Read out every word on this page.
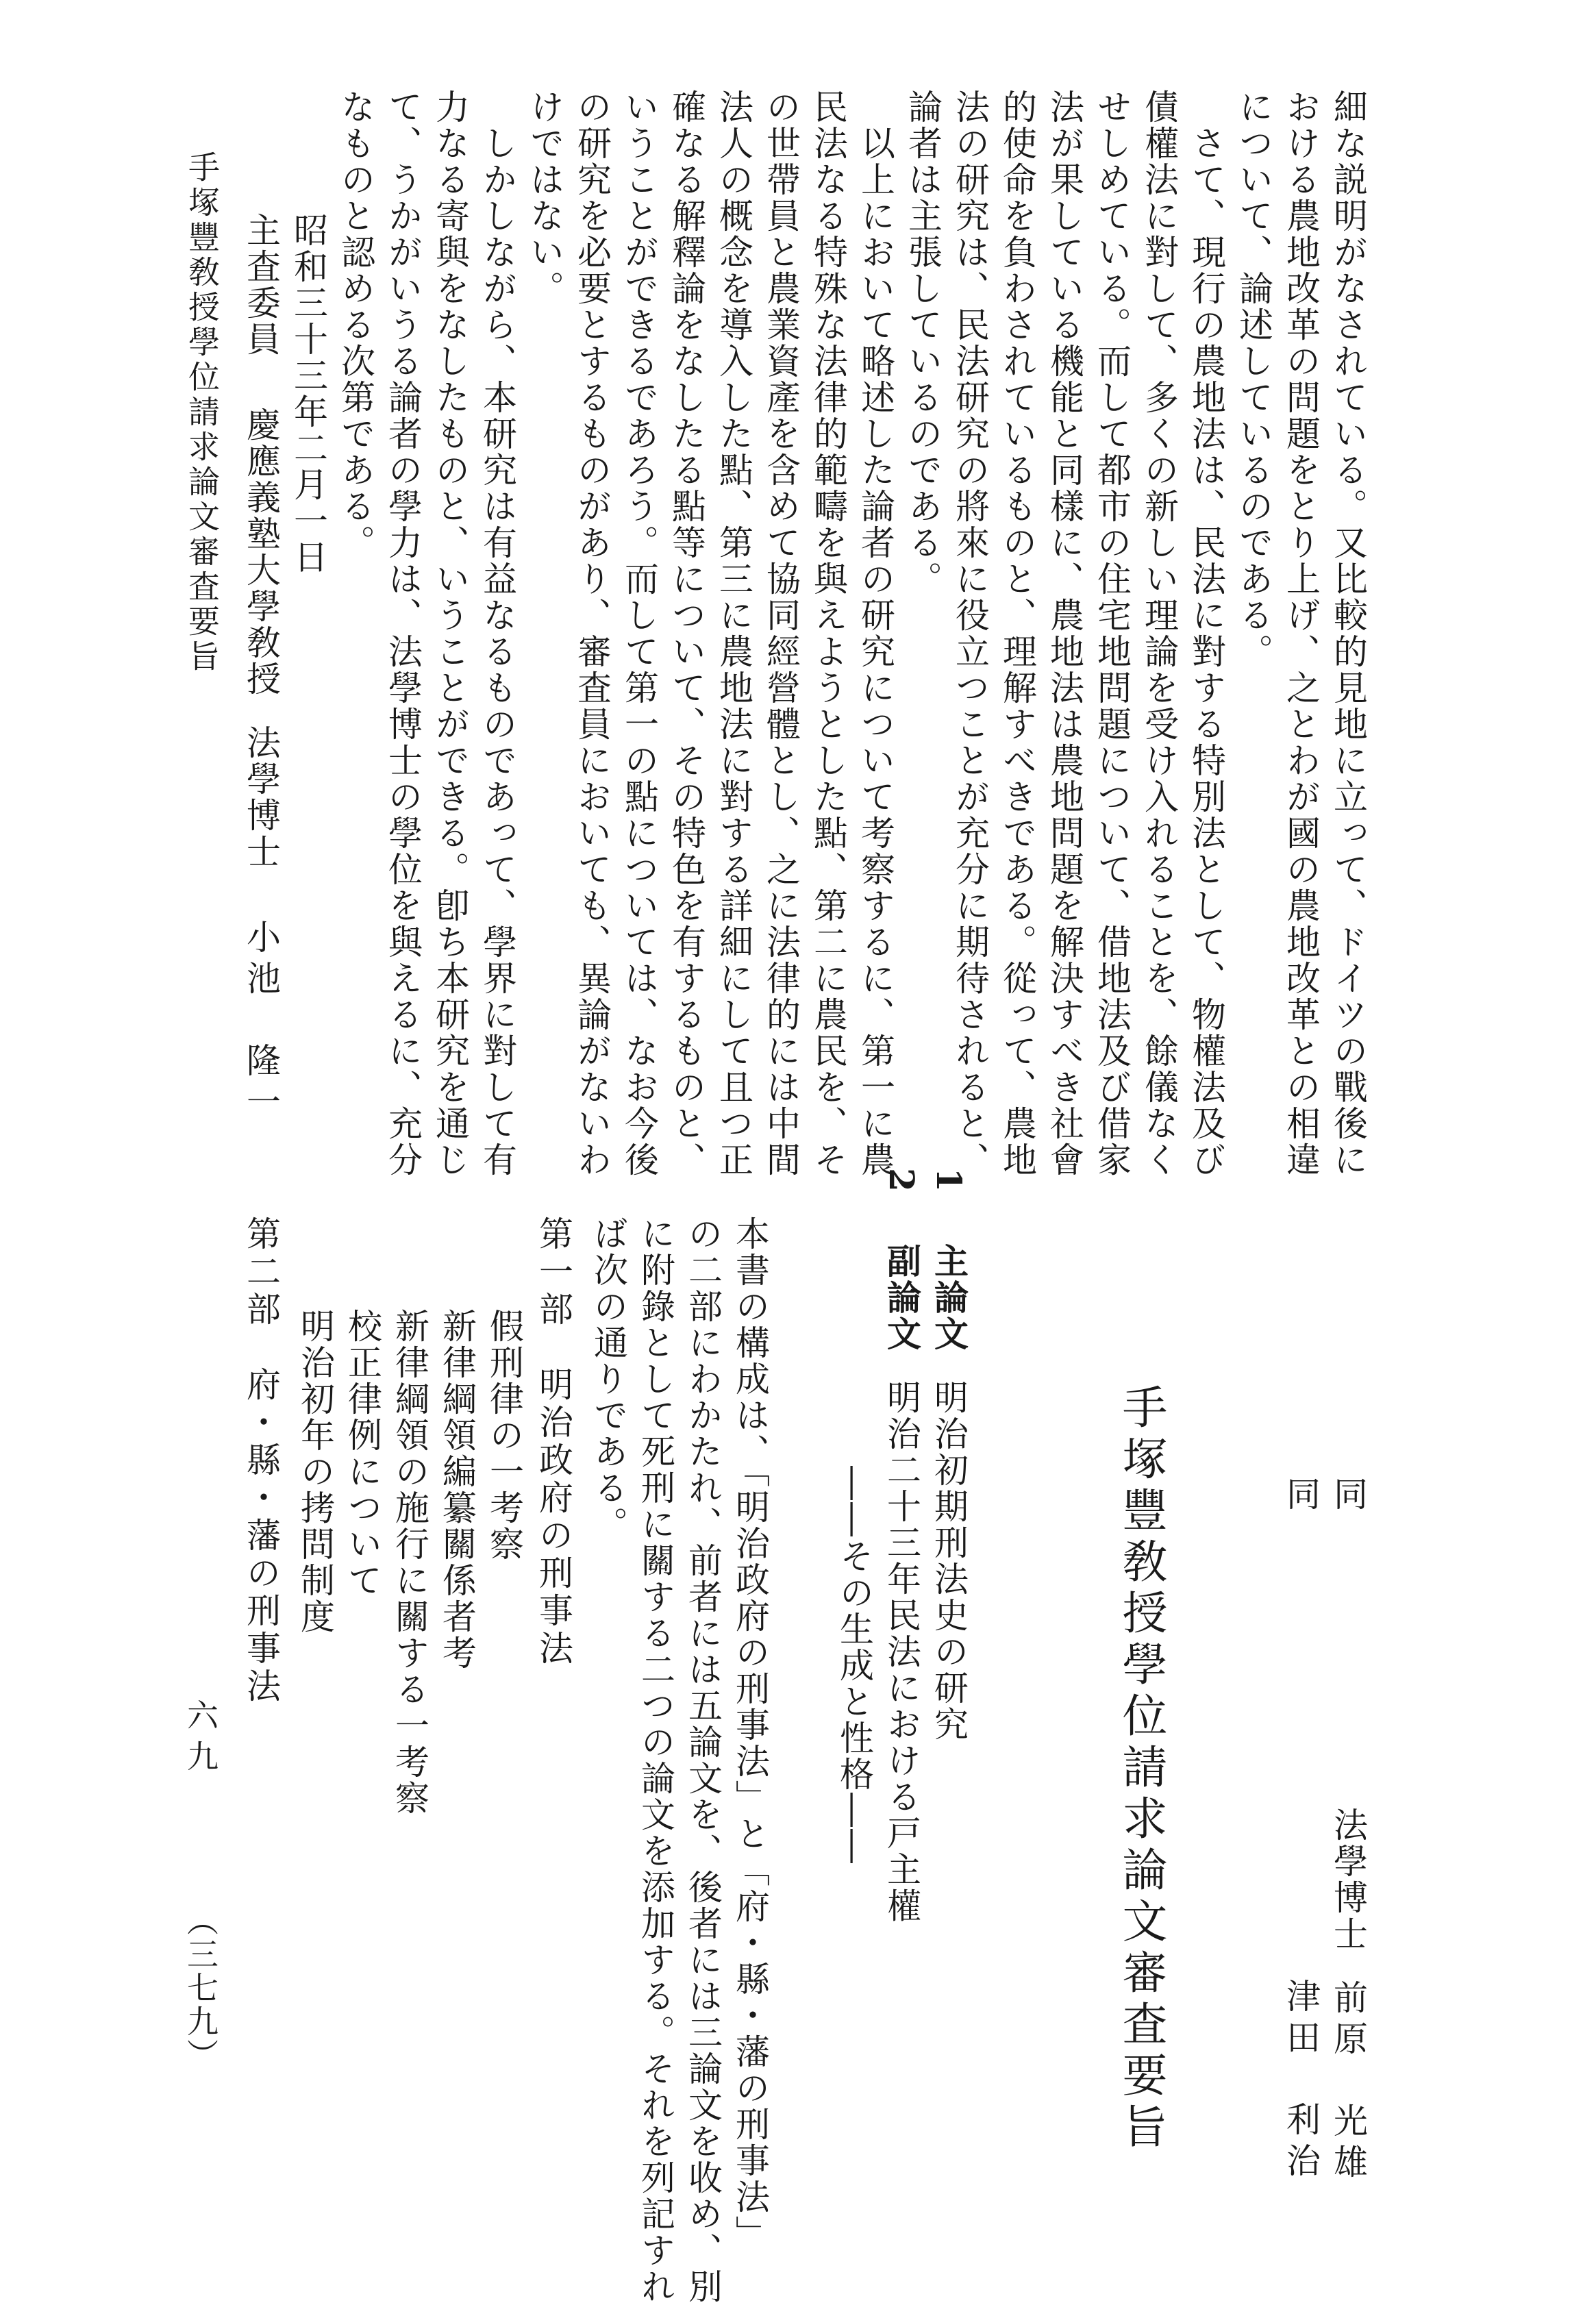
細な説明がなされている。又比較的見地に立って、ドイツの戰後に
おける農地改革の問題をとり上げ、之とわが國の農地改革との相違
について、論述しているのである。
　さて、現行の農地法は、民法に對する特別法として、物權法及び
債權法に對して、多くの新しい理論を受け入れることを、餘儀なく
せしめている。而して都市の住宅地問題について、借地法及び借家
法が果している機能と同樣に、農地法は農地問題を解決すべき社會
的使命を負わされているものと、理解すべきである。從って、農地
法の研究は、民法研究の將來に役立つことが充分に期待されると、
論者は主張しているのである。
　以上において略述した論者の研究について考察するに、第一に農
民法なる特殊な法律的範疇を與えようとした點、第二に農民を、そ
の世帶員と農業資產を含めて協同經營體とし、之に法律的には中間
法人の概念を導入した點、第三に農地法に對する詳細にして且つ正
確なる解釋論をなしたる點等について、その特色を有するものと、
いうことができるであろう。而して第一の點については、なお今後
の研究を必要とするものがあり、審査員においても、異論がないわ
けではない。
　しかしながら、本研究は有益なるものであって、學界に對して有
力なる寄與をなしたものと、いうことができる。卽ち本研究を通じ
て、うかがいうる論者の學力は、法學博士の學位を與えるに、充分
なものと認める次第である。
昭和三十三年二月一日
主査委員慶應義塾大學敎授法學博士小池　隆一
手塚豐敎授學位請求論文審査要旨
同法學博士前原　光雄
同津田　利治
手塚豐敎授學位請求論文審査要旨
1主論文明治初期刑法史の研究
2副論文明治二十三年民法における戸主權
――その生成と性格――
本書の構成は、「明治政府の刑事法」と「府・縣・藩の刑事法」
の二部にわかたれ、前者には五論文を、後者には三論文を收め、別
に附錄として死刑に關する二つの論文を添加する。それを列記すれ
ば次の通りである。
第一部　明治政府の刑事法
假刑律の一考察
新律綱領編纂關係者考
新律綱領の施行に關する一考察
校正律例について
明治初年の拷問制度
第二部　府・縣・藩の刑事法
六九
（三七九）
